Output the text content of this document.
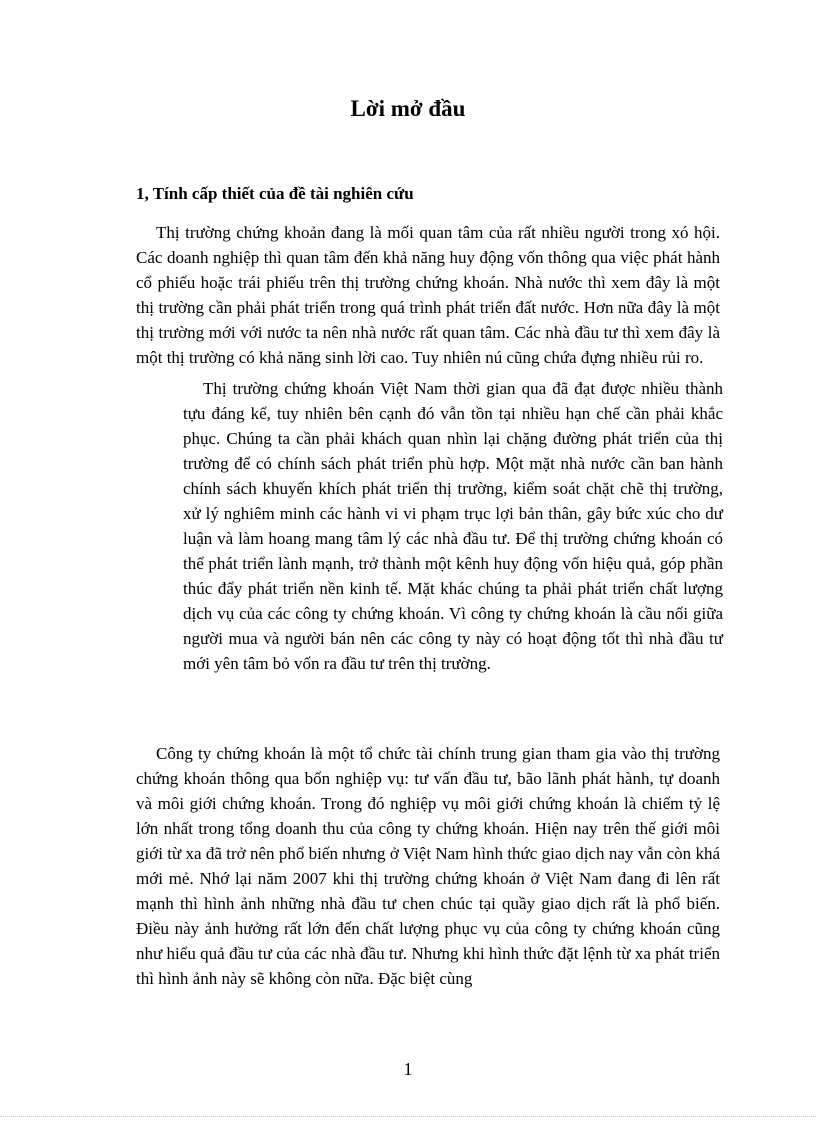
Lời mở đầu
1, Tính cấp thiết của đề tài nghiên cứu

Thị trường chứng khoản đang là mối quan tâm của rất nhiều người trong xó hội. Các doanh nghiệp thì quan tâm đến khả năng huy động vốn thông qua việc phát hành cổ phiếu hoặc trái phiếu trên thị trường chứng khoán. Nhà nước thì xem đây là một thị trường cần phải phát triển trong quá trình phát triển đất nước. Hơn nữa đây là một thị trường mới với nước ta nên nhà nước rất quan tâm. Các nhà đầu tư thì xem đây là một thị trường có khả năng sinh lời cao. Tuy nhiên nú cũng chứa đựng nhiều rủi ro.

Thị trường chứng khoán Việt Nam thời gian qua đã đạt được nhiều thành tựu đáng kể, tuy nhiên bên cạnh đó vẫn tồn tại nhiều hạn chế cần phải khắc phục. Chúng ta cần phải khách quan nhìn lại chặng đường phát triển của thị trường để có chính sách phát triển phù hợp. Một mặt nhà nước cần ban hành chính sách khuyến khích phát triển thị trường, kiểm soát chặt chẽ thị trường, xử lý nghiêm minh các hành vi vi phạm trục lợi bản thân, gây bức xúc cho dư luận và làm hoang mang tâm lý các nhà đầu tư. Để thị trường chứng khoán có thể phát triển lành mạnh, trở thành một kênh huy động vốn hiệu quả, góp phần thúc đẩy phát triển nền kinh tế. Mặt khác chúng ta phải phát triển chất lượng dịch vụ của các công ty chứng khoán. Vì công ty chứng khoán là cầu nối giữa người mua và người bán nên các công ty này có hoạt động tốt thì nhà đầu tư mới yên tâm bỏ vốn ra đầu tư trên thị trường.

Công ty chứng khoán là một tổ chức tài chính trung gian tham gia vào thị trường chứng khoán thông qua bốn nghiệp vụ: tư vấn đầu tư, bão lãnh phát hành, tự doanh và môi giới chứng khoán. Trong đó nghiệp vụ môi giới chứng khoán là chiếm tỷ lệ lớn nhất trong tổng doanh thu của công ty chứng khoán. Hiện nay trên thế giới môi giới từ xa đã trở nên phổ biến nhưng ở Việt Nam hình thức giao dịch nay vẫn còn khá mới mẻ. Nhớ lại năm 2007 khi thị trường chứng khoán ở Việt Nam đang đi lên rất mạnh thì hình ảnh những nhà đầu tư chen chúc tại quầy giao dịch rất là phổ biến. Điều này ảnh hưởng rất lớn đến chất lượng phục vụ của công ty chứng khoán cũng như hiểu quả đầu tư của các nhà đầu tư. Nhưng khi hình thức đặt lệnh từ xa phát triển thì hình ảnh này sẽ không còn nữa. Đặc biệt cùng

1
